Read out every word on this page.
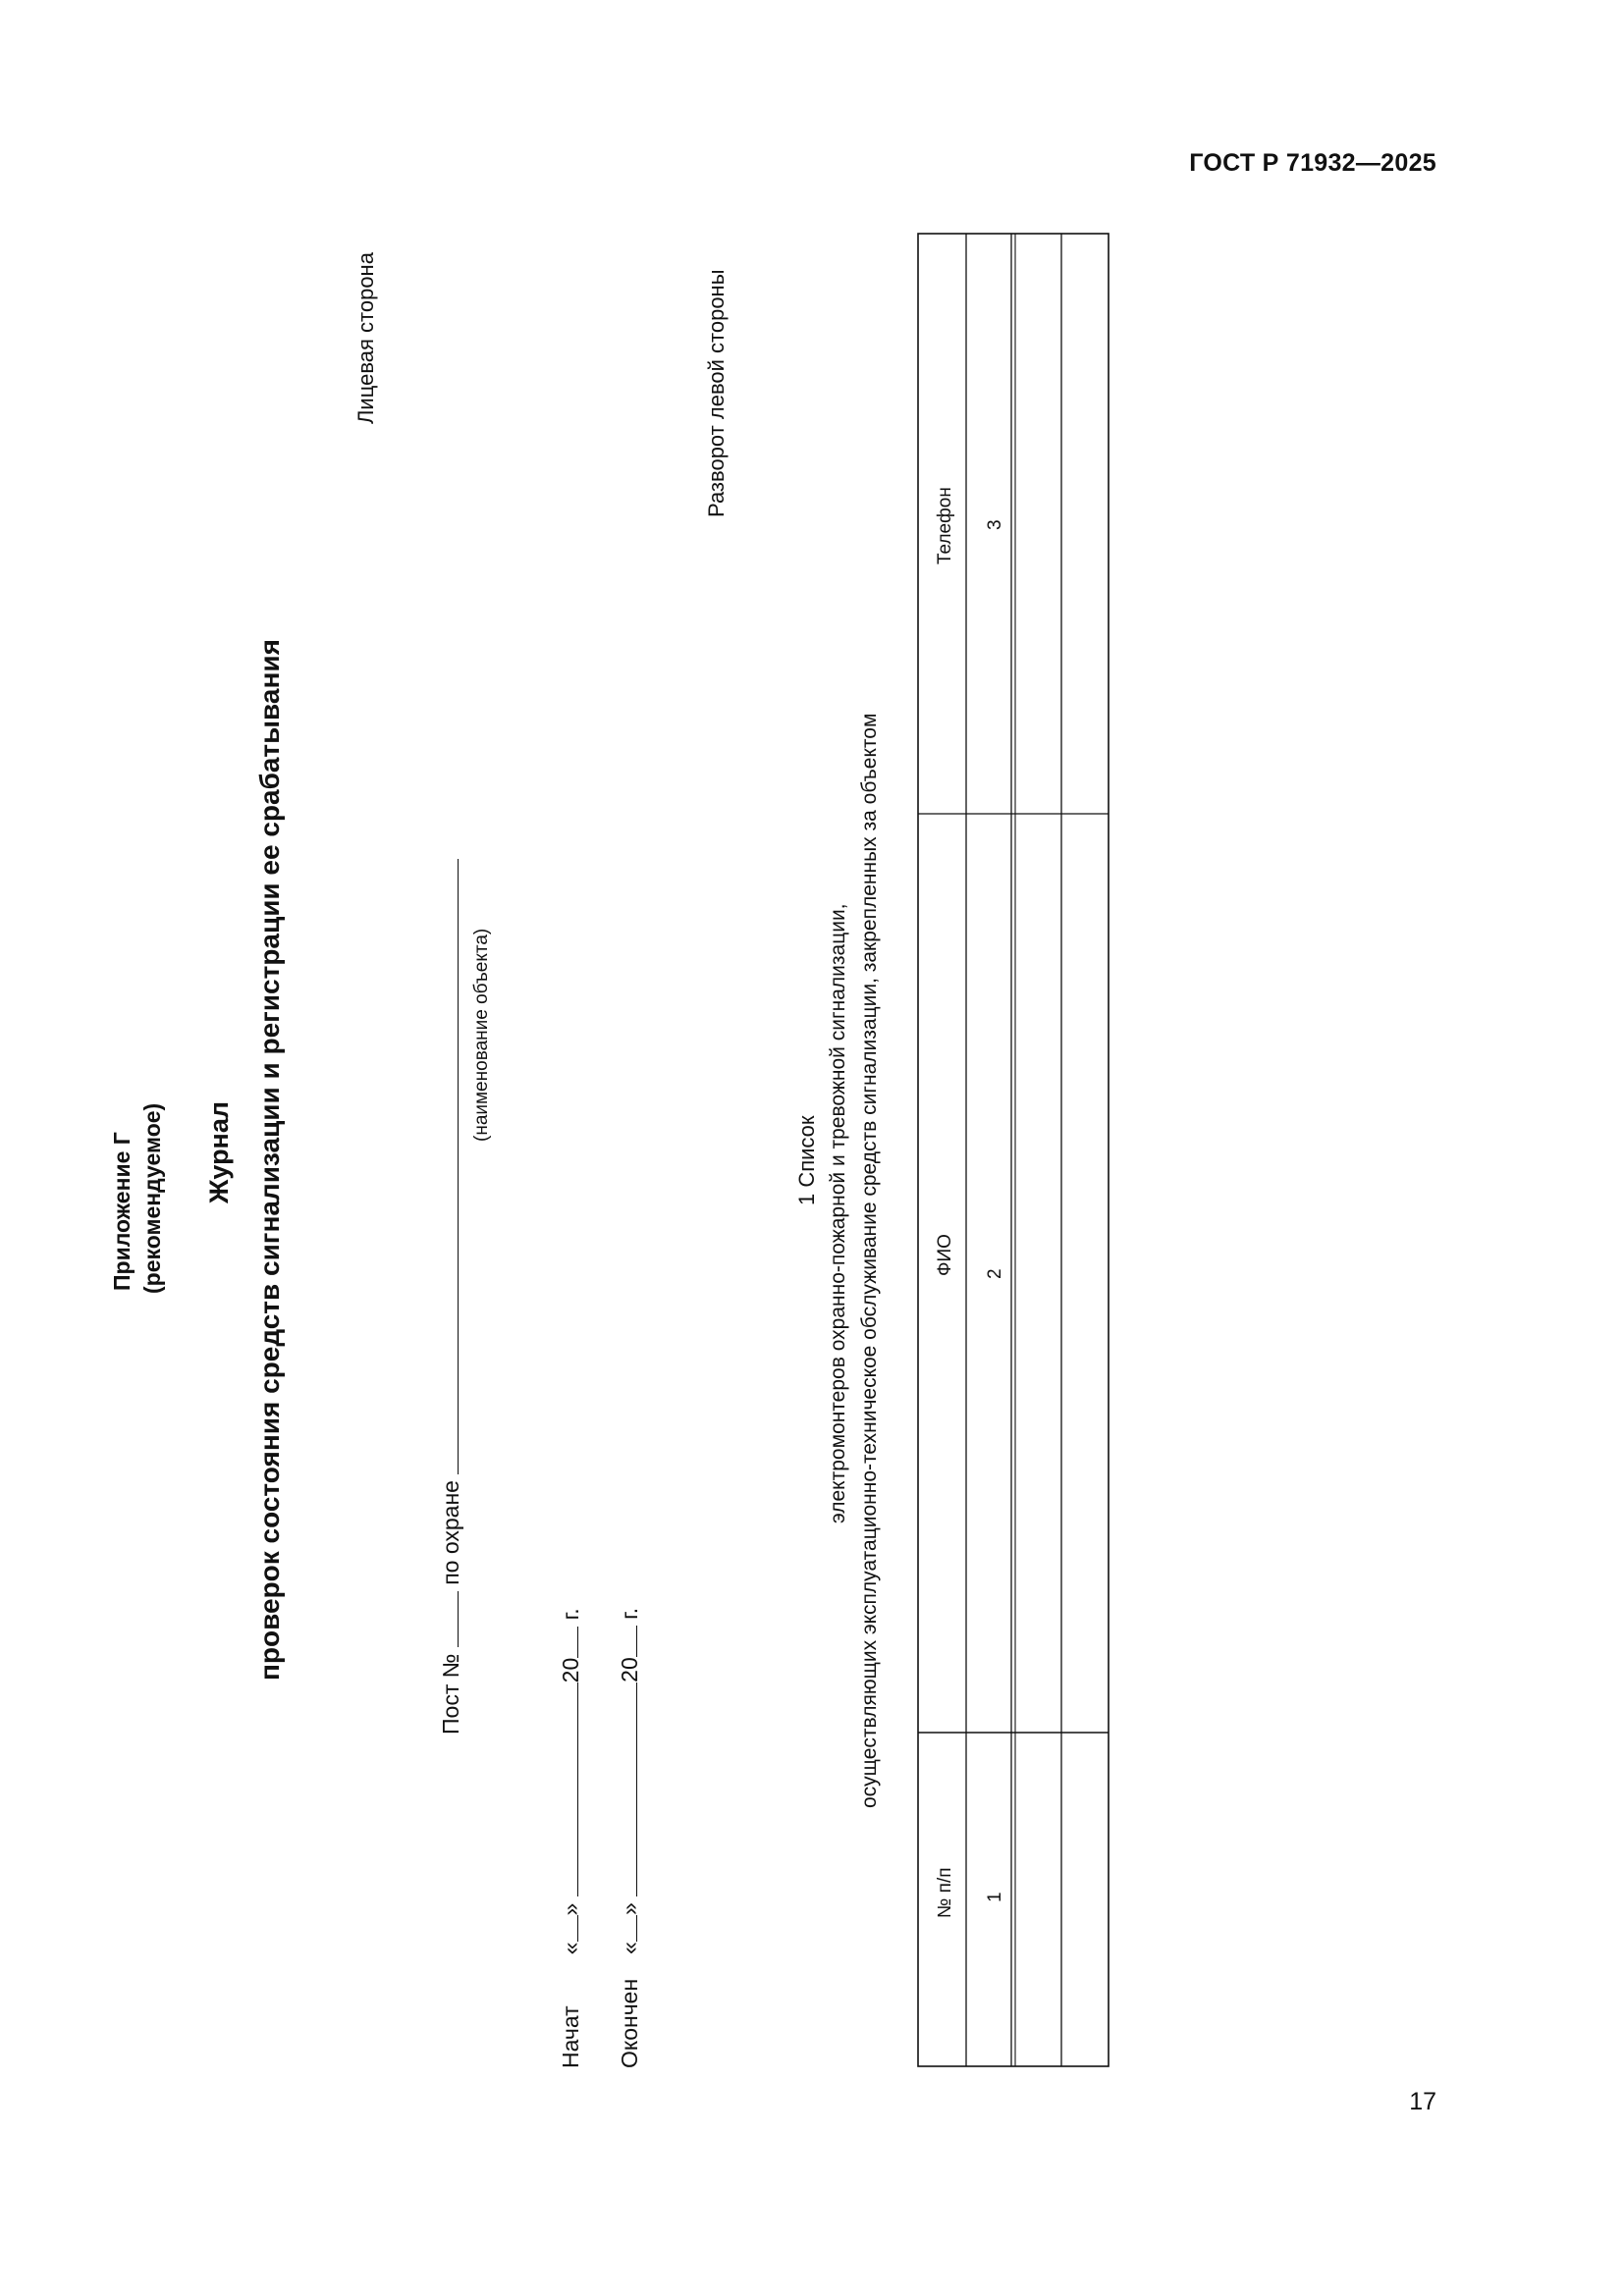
ГОСТ Р 71932—2025
Лицевая сторона	Разворот левой стороны
Приложение Г (рекомендуемое) Журнал проверок состояния средств сигнализации и регистрации ее срабатывания
Пост №  по охране
(наименование объекта)
Начат«» 20 г.
Окончен«» 20 г.
1 Список электромонтеров охранно-пожарной и тревожной сигнализации, осуществляющих эксплуатационно-техническое обслуживание средств сигнализации, закрепленных за объектом
№ п/п
ФИО
Телефон
1
2
3
17
